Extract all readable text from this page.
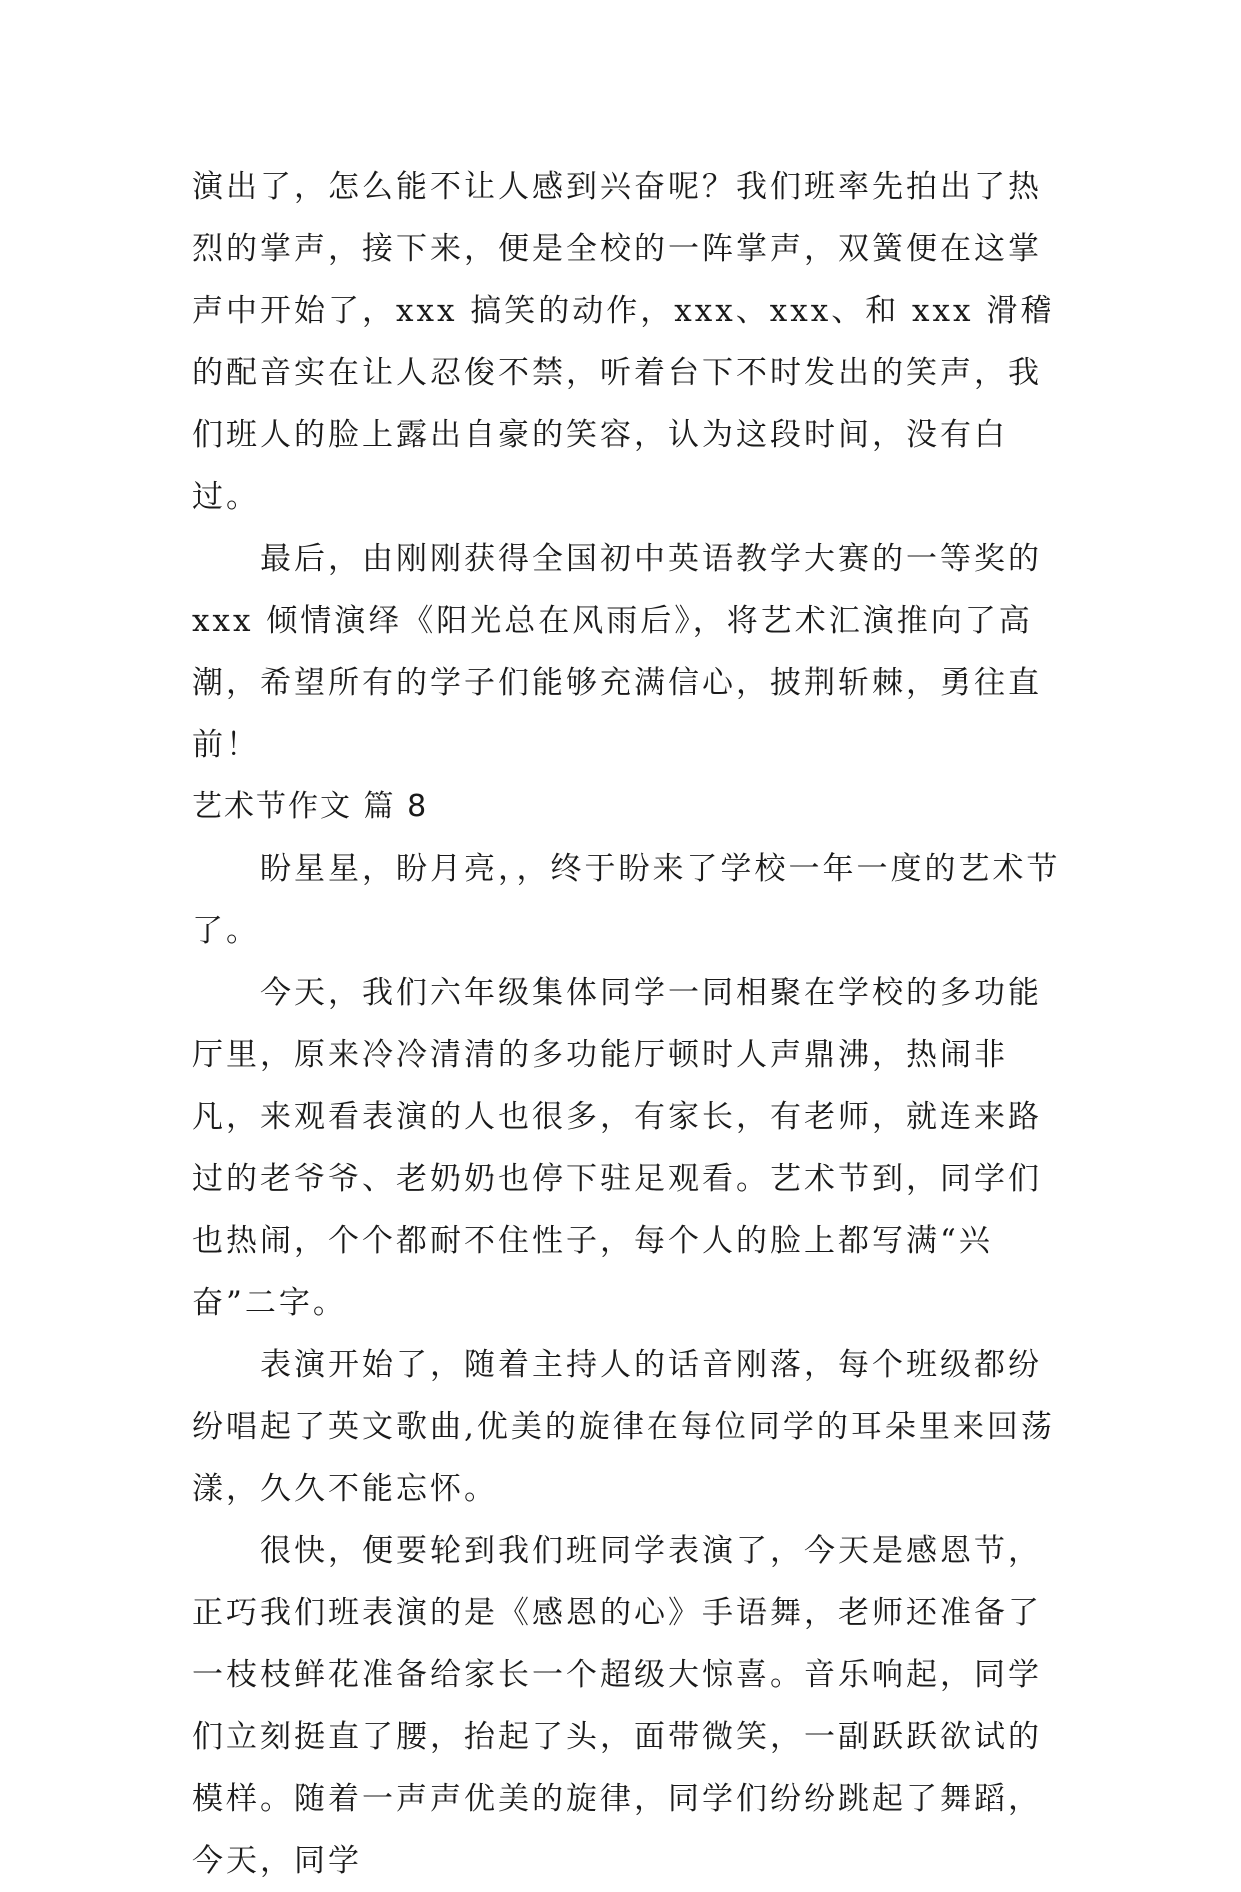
演出了，怎么能不让人感到兴奋呢？我们班率先拍出了热烈的掌声，接下来，便是全校的一阵掌声，双簧便在这掌声中开始了，xxx 搞笑的动作，xxx、xxx、和 xxx 滑稽的配音实在让人忍俊不禁，听着台下不时发出的笑声，我们班人的脸上露出自豪的笑容，认为这段时间，没有白过。

最后，由刚刚获得全国初中英语教学大赛的一等奖的 xxx 倾情演绎《阳光总在风雨后》，将艺术汇演推向了高潮，希望所有的学子们能够充满信心，披荆斩棘，勇往直前！

艺术节作文 篇 8

盼星星，盼月亮，，终于盼来了学校一年一度的艺术节了。

今天，我们六年级集体同学一同相聚在学校的多功能厅里，原来冷冷清清的多功能厅顿时人声鼎沸，热闹非凡，来观看表演的人也很多，有家长，有老师，就连来路过的老爷爷、老奶奶也停下驻足观看。艺术节到，同学们也热闹，个个都耐不住性子，每个人的脸上都写满“兴奋”二字。

表演开始了，随着主持人的话音刚落，每个班级都纷纷唱起了英文歌曲,优美的旋律在每位同学的耳朵里来回荡漾，久久不能忘怀。

很快，便要轮到我们班同学表演了，今天是感恩节，正巧我们班表演的是《感恩的心》手语舞，老师还准备了一枝枝鲜花准备给家长一个超级大惊喜。音乐响起，同学们立刻挺直了腰，抬起了头，面带微笑，一副跃跃欲试的模样。随着一声声优美的旋律，同学们纷纷跳起了舞蹈，今天，同学
